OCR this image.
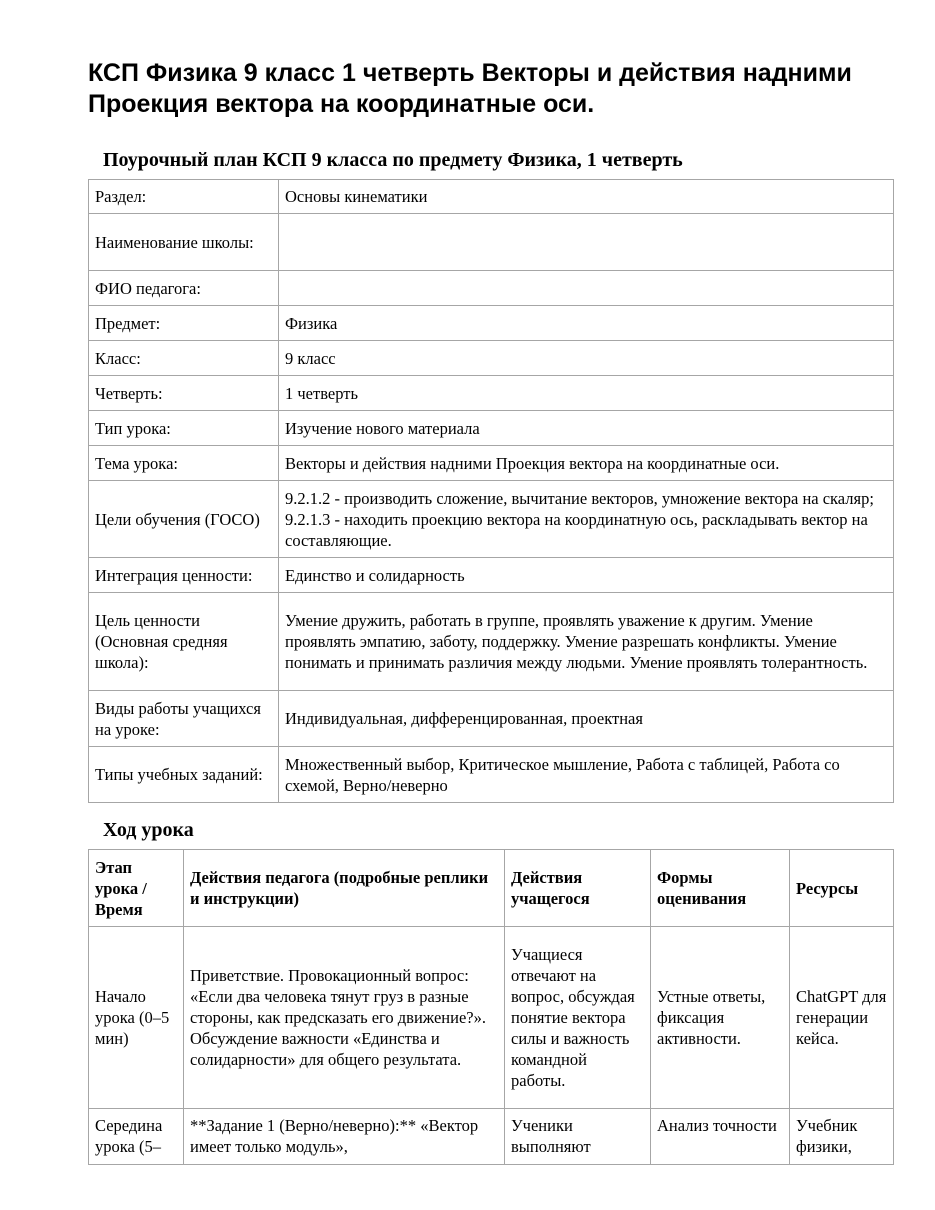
КСП Физика 9 класс 1 четверть Векторы и действия надними Проекция вектора на координатные оси.
Поурочный план КСП 9 класса по предмету Физика, 1 четверть
Раздел:	Основы кинематики
Наименование школы:	
ФИО педагога:	
Предмет:	Физика
Класс:	9 класс
Четверть:	1 четверть
Тип урока:	Изучение нового материала
Тема урока:	Векторы и действия надними Проекция вектора на координатные оси.
Цели обучения (ГОСО)	9.2.1.2 - производить сложение, вычитание векторов, умножение вектора на скаляр; 9.2.1.3 - находить проекцию вектора на координатную ось, раскладывать вектор на составляющие.
Интеграция ценности:	Единство и солидарность
Цель ценности (Основная средняя школа):	Умение дружить, работать в группе, проявлять уважение к другим. Умение проявлять эмпатию, заботу, поддержку. Умение разрешать конфликты. Умение понимать и принимать различия между людьми. Умение проявлять толерантность.
Виды работы учащихся на уроке:	Индивидуальная, дифференцированная, проектная
Типы учебных заданий:	Множественный выбор, Критическое мышление, Работа с таблицей, Работа со схемой, Верно/неверно
Ход урока
Этап урока / Время	Действия педагога (подробные реплики и инструкции)	Действия учащегося	Формы оценивания	Ресурсы
Начало урока (0–5 мин)	Приветствие. Провокационный вопрос: «Если два человека тянут груз в разные стороны, как предсказать его движение?». Обсуждение важности «Единства и солидарности» для общего результата.	Учащиеся отвечают на вопрос, обсуждая понятие вектора силы и важность командной работы.	Устные ответы, фиксация активности.	ChatGPT для генерации кейса.
Середина урока (5–	**Задание 1 (Верно/неверно):** «Вектор имеет только модуль»,	Ученики выполняют	Анализ точности	Учебник физики,
